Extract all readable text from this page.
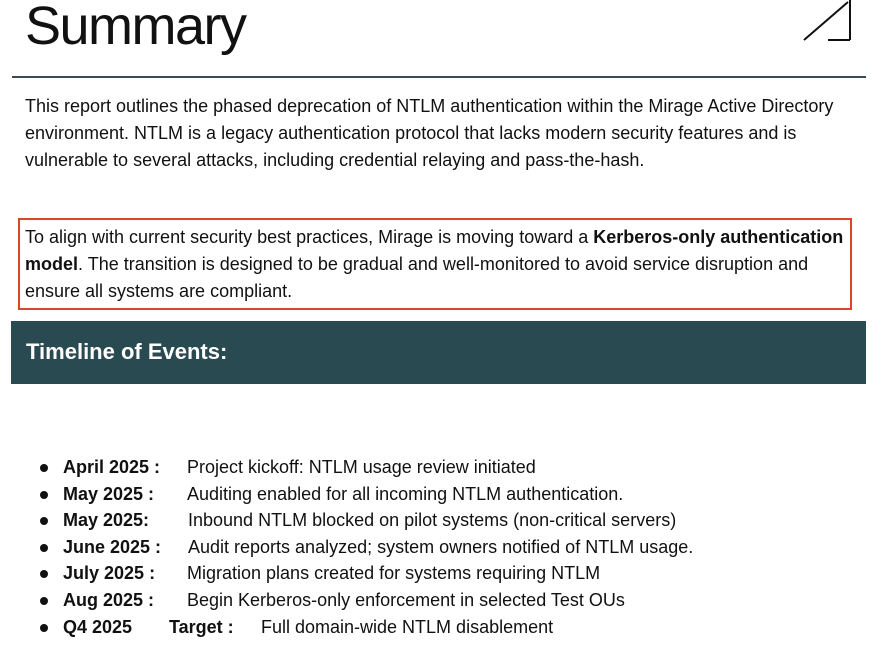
Summary
This report outlines the phased deprecation of NTLM authentication within the Mirage Active Directory environment. NTLM is a legacy authentication protocol that lacks modern security features and is vulnerable to several attacks, including credential relaying and pass-the-hash.
To align with current security best practices, Mirage is moving toward a Kerberos-only authentication model. The transition is designed to be gradual and well-monitored to avoid service disruption and ensure all systems are compliant.
Timeline of Events:
April 2025 : Project kickoff: NTLM usage review initiated
May 2025 : Auditing enabled for all incoming NTLM authentication.
May 2025: Inbound NTLM blocked on pilot systems (non-critical servers)
June 2025 : Audit reports analyzed; system owners notified of NTLM usage.
July 2025 : Migration plans created for systems requiring NTLM
Aug 2025 : Begin Kerberos-only enforcement in selected Test OUs
Q4 2025 Target : Full domain-wide NTLM disablement
